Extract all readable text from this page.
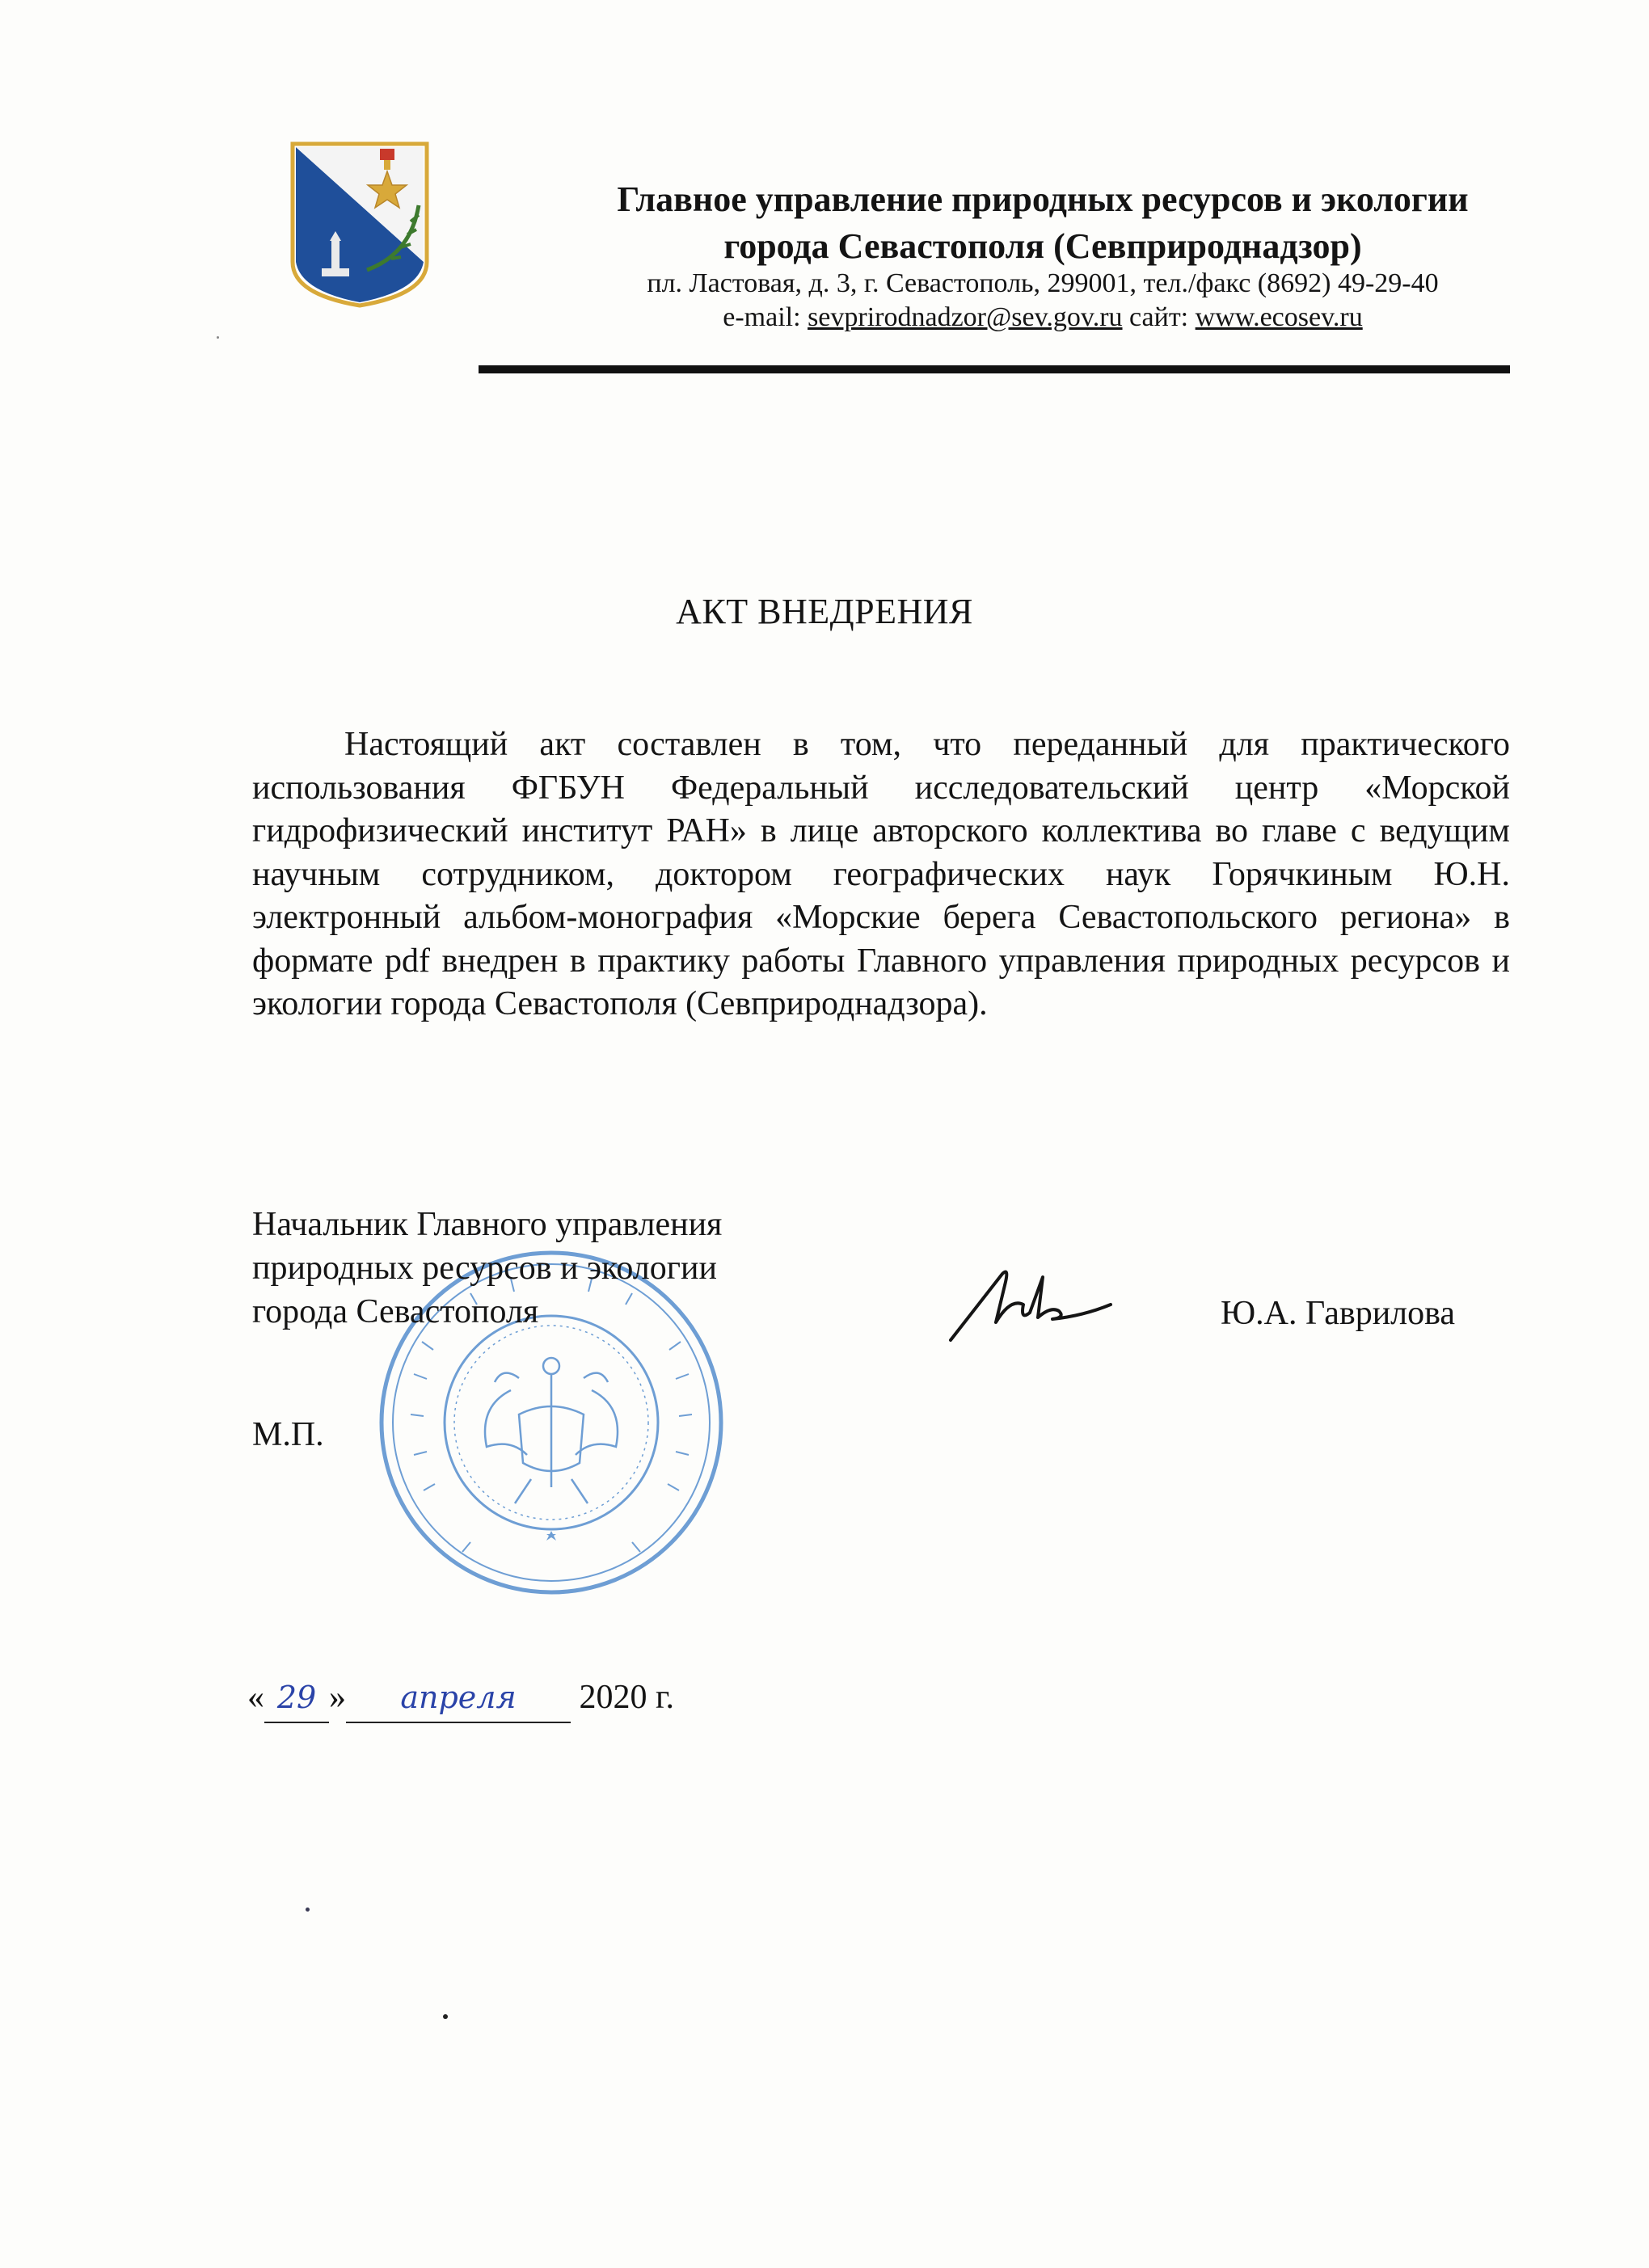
Главное управление природных ресурсов и экологии
города Севастополя (Севприроднадзор)
пл. Ластовая, д. 3, г. Севастополь, 299001, тел./факс (8692) 49-29-40
e-mail: sevprirodnadzor@sev.gov.ru сайт: www.ecosev.ru
АКТ ВНЕДРЕНИЯ

Настоящий акт составлен в том, что переданный для практического использования ФГБУН Федеральный исследовательский центр «Морской гидрофизический институт РАН» в лице авторского коллектива во главе с ведущим научным сотрудником, доктором географических наук Горячкиным Ю.Н. электронный альбом-монография «Морские берега Севастопольского региона» в формате pdf внедрен в практику работы Главного управления природных ресурсов и экологии города Севастополя (Севприроднадзора).

Начальник Главного управления
природных ресурсов и экологии
города Севастополя	Ю.А. Гаврилова
М.П.
« 29 » апреля 2020 г.
